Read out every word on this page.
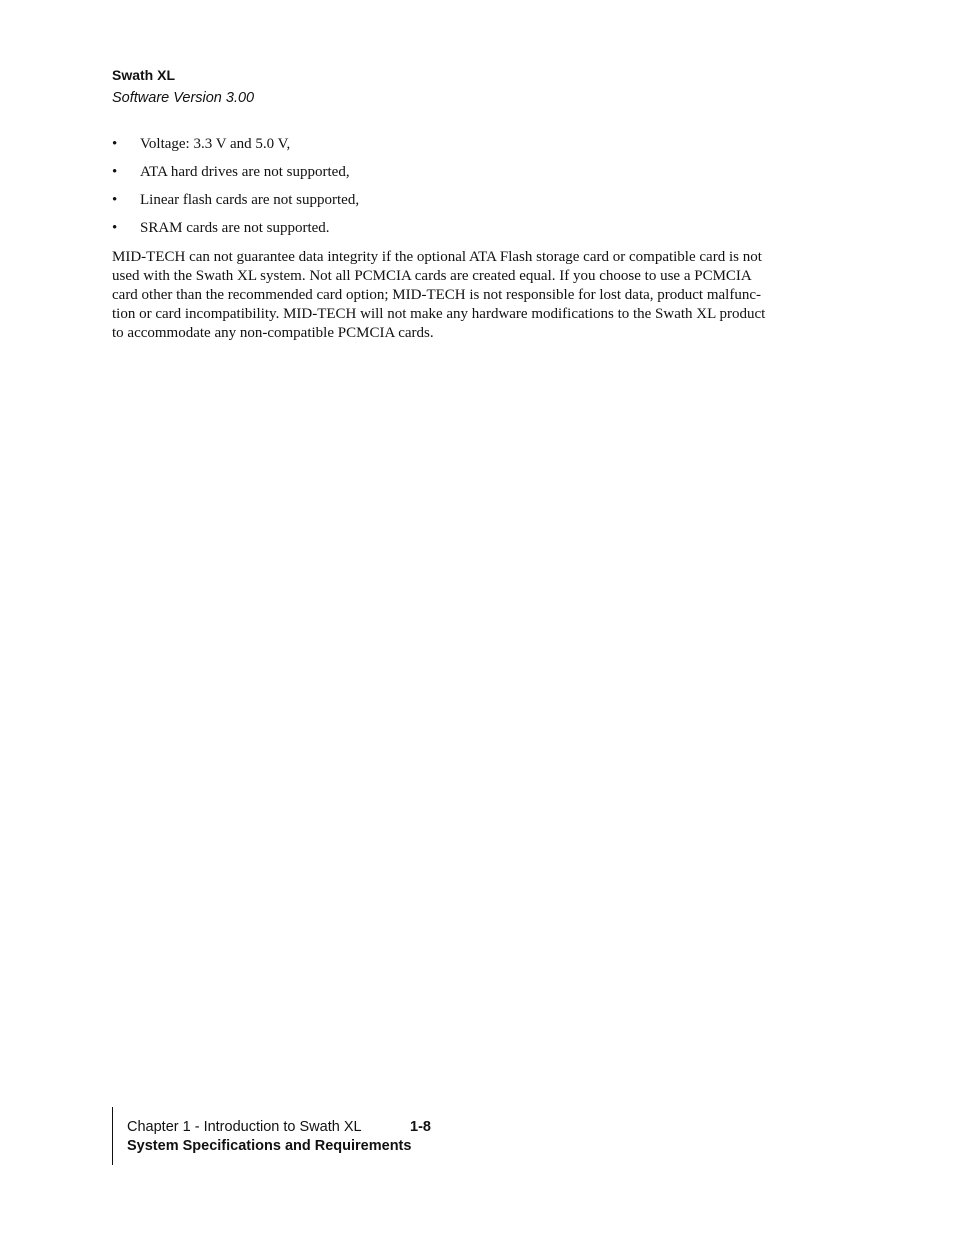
Swath XL
Software Version 3.00
• Voltage: 3.3 V and 5.0 V,
• ATA hard drives are not supported,
• Linear flash cards are not supported,
• SRAM cards are not supported.
MID-TECH can not guarantee data integrity if the optional ATA Flash storage card or compatible card is not
used with the Swath XL system. Not all PCMCIA cards are created equal. If you choose to use a PCMCIA
card other than the recommended card option; MID-TECH is not responsible for lost data, product malfunc-
tion or card incompatibility. MID-TECH will not make any hardware modifications to the Swath XL product
to accommodate any non-compatible PCMCIA cards.
Chapter 1 - Introduction to Swath XL	1-8
System Specifications and Requirements
